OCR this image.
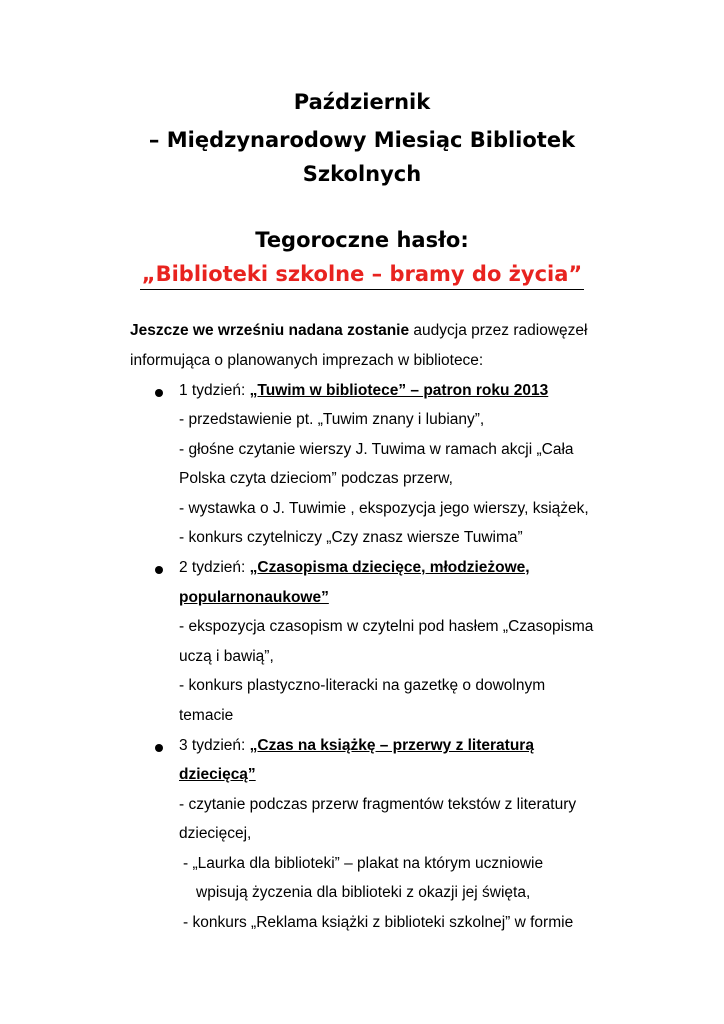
Październik
– Międzynarodowy Miesiąc Bibliotek
Szkolnych
Tegoroczne hasło:
„Biblioteki szkolne – bramy do życia”
Jeszcze we wrześniu nadana zostanie audycja przez radiowęzeł
informująca o planowanych imprezach w bibliotece:
1 tydzień: „Tuwim w bibliotece” – patron roku 2013
- przedstawienie pt. „Tuwim znany i lubiany”,
- głośne czytanie wierszy J. Tuwima w ramach akcji „Cała
Polska czyta dzieciom” podczas przerw,
- wystawka o J. Tuwimie , ekspozycja jego wierszy, książek,
- konkurs czytelniczy „Czy znasz wiersze Tuwima”
2 tydzień: „Czasopisma dziecięce, młodzieżowe,
popularnonaukowe”
- ekspozycja czasopism w czytelni pod hasłem „Czasopisma
uczą i bawią”,
- konkurs plastyczno-literacki na gazetkę o dowolnym
temacie
3 tydzień: „Czas na książkę – przerwy z literaturą
dziecięcą”
- czytanie podczas przerw fragmentów tekstów z literatury
dziecięcej,
- „Laurka dla biblioteki” – plakat na którym uczniowie
wpisują życzenia dla biblioteki z okazji jej święta,
- konkurs „Reklama książki z biblioteki szkolnej” w formie
